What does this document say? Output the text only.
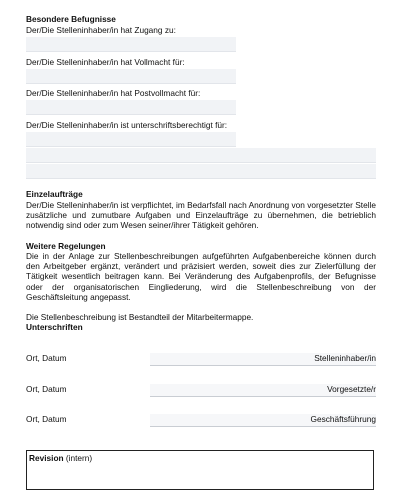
Besondere Befugnisse
Der/Die Stelleninhaber/in hat Zugang zu:
Der/Die Stelleninhaber/in hat Vollmacht für:
Der/Die Stelleninhaber/in hat Postvollmacht für:
Der/Die Stelleninhaber/in ist unterschriftsberechtigt für:
Einzelaufträge
Der/Die Stelleninhaber/in ist verpflichtet, im Bedarfsfall nach Anordnung von vorgesetzter Stelle zusätzliche und zumutbare Aufgaben und Einzelaufträge zu übernehmen, die betrieblich notwendig sind oder zum Wesen seiner/ihrer Tätigkeit gehören.
Weitere Regelungen
Die in der Anlage zur Stellenbeschreibungen aufgeführten Aufgabenbereiche können durch den Arbeitgeber ergänzt, verändert und präzisiert werden, soweit dies zur Zielerfüllung der Tätigkeit wesentlich beitragen kann. Bei Veränderung des Aufgabenprofils, der Befugnisse oder der organisatorischen Eingliederung, wird die Stellenbeschreibung von der Geschäftsleitung angepasst.
Die Stellenbeschreibung ist Bestandteil der Mitarbeitermappe.
Unterschriften
Ort, Datum	Stelleninhaber/in
Ort, Datum	Vorgesetzte/r
Ort, Datum	Geschäftsführung
Revision (intern)
